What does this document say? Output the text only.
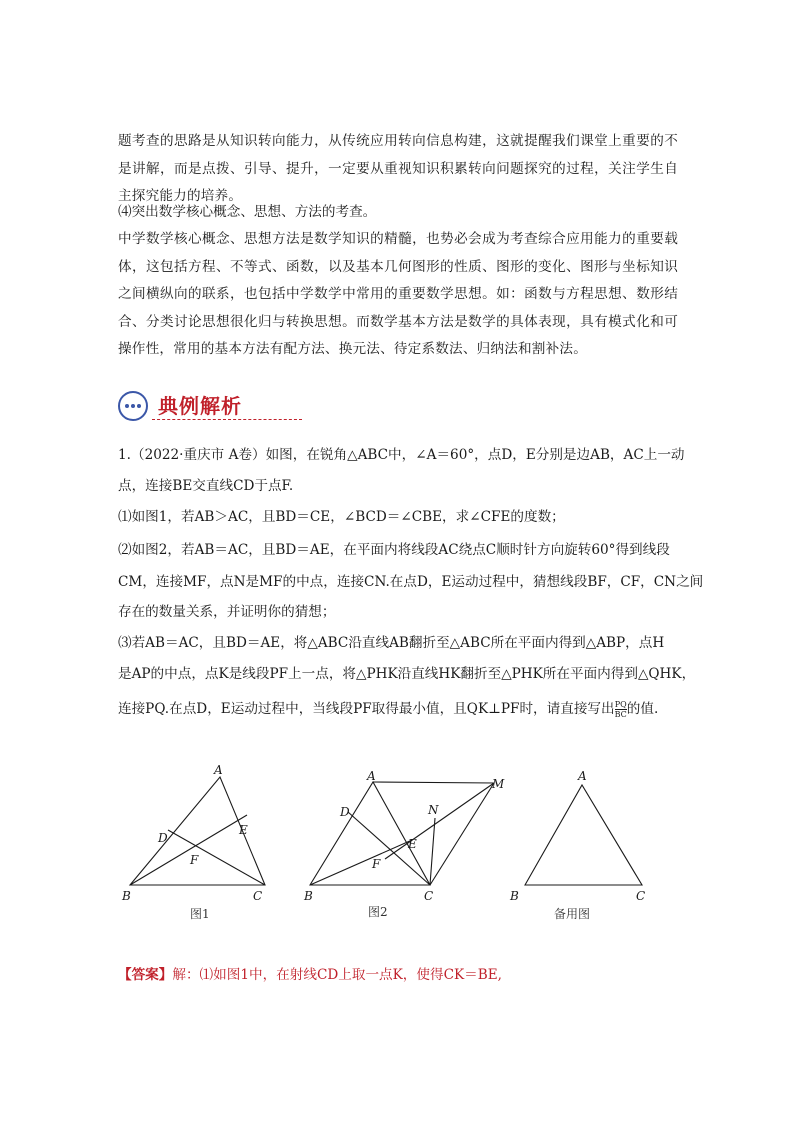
题考查的思路是从知识转向能力，从传统应用转向信息构建，这就提醒我们课堂上重要的不是讲解，而是点拨、引导、提升，一定要从重视知识积累转向问题探究的过程，关注学生自主探究能力的培养。

⑷突出数学核心概念、思想、方法的考查。

中学数学核心概念、思想方法是数学知识的精髓，也势必会成为考查综合应用能力的重要载体，这包括方程、不等式、函数，以及基本几何图形的性质、图形的变化、图形与坐标知识之间横纵向的联系，也包括中学数学中常用的重要数学思想。如：函数与方程思想、数形结合、分类讨论思想很化归与转换思想。而数学基本方法是数学的具体表现，具有模式化和可操作性，常用的基本方法有配方法、换元法、待定系数法、归纳法和割补法。

典例解析

1.（2022·重庆市 A卷）如图，在锐角△ABC中，∠A＝60°，点D，E分别是边AB，AC上一动

点，连接BE交直线CD于点F.

⑴如图1，若AB＞AC，且BD＝CE，∠BCD＝∠CBE，求∠CFE的度数；

⑵如图2，若AB＝AC，且BD＝AE，在平面内将线段AC绕点C顺时针方向旋转60°得到线段

CM，连接MF，点N是MF的中点，连接CN.在点D，E运动过程中，猜想线段BF，CF，CN之间

存在的数量关系，并证明你的猜想；

⑶若AB＝AC，且BD＝AE，将△ABC沿直线AB翻折至△ABC所在平面内得到△ABP，点H

是AP的中点，点K是线段PF上一点，将△PHK沿直线HK翻折至△PHK所在平面内得到△QHK，

连接PQ.在点D，E运动过程中，当线段PF取得最小值，且QK⊥PF时，请直接写出 $\frac{PQ}{BC}$ 的值.

A
B	C
D
E
F
A
B	C
D
E
F
N
M
A
B	C
图1	图2	备用图
【答案】解：⑴如图1中，在射线CD上取一点K，使得CK＝BE,
